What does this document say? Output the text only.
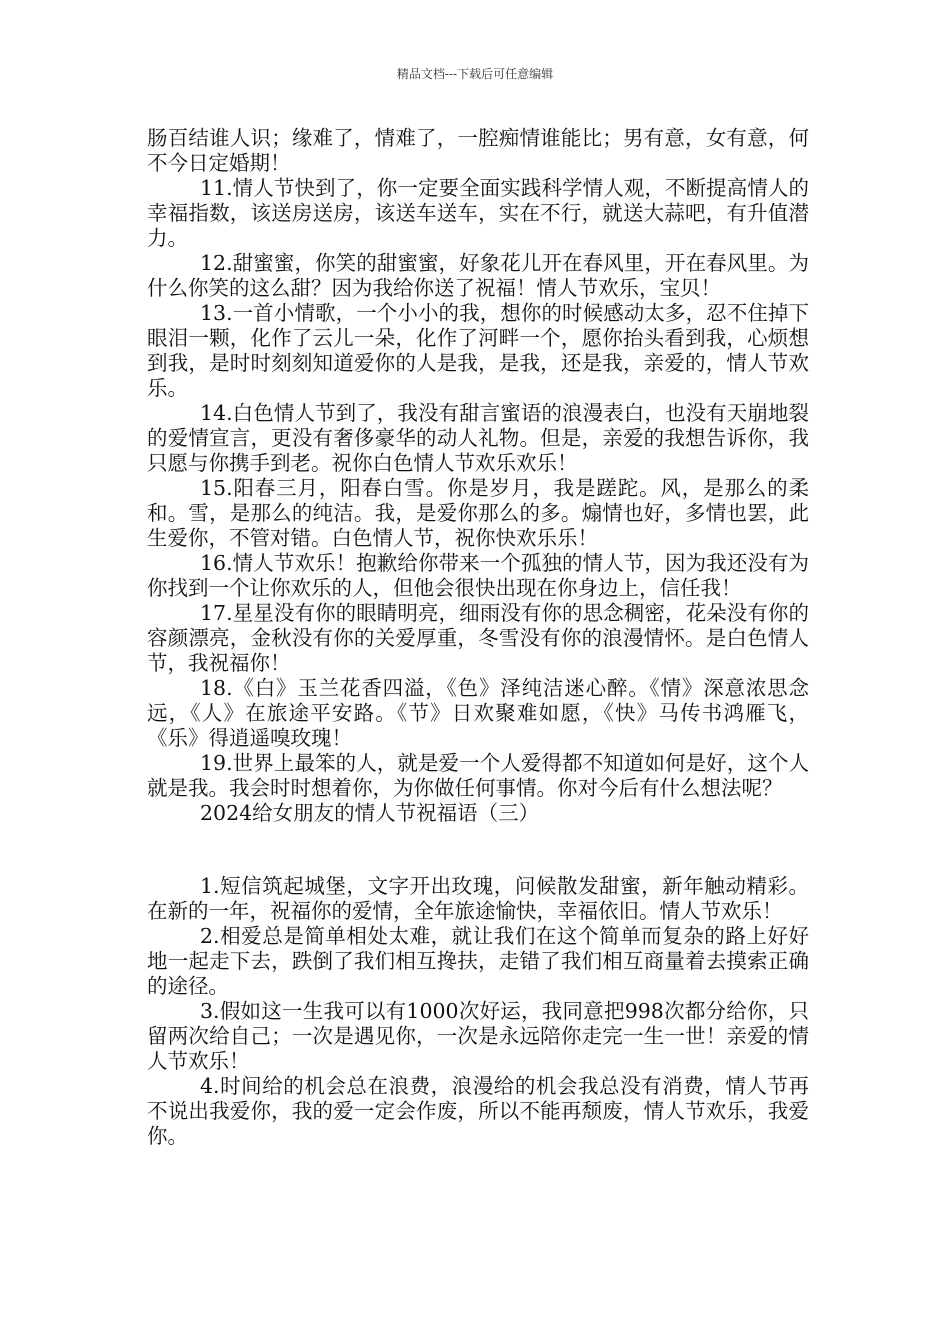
精品文档---下载后可任意编辑

肠百结谁人识；缘难了，情难了，一腔痴情谁能比；男有意，女有意，何不今日定婚期！

11.情人节快到了，你一定要全面实践科学情人观，不断提高情人的幸福指数，该送房送房，该送车送车，实在不行，就送大蒜吧，有升值潜力。

12.甜蜜蜜，你笑的甜蜜蜜，好象花儿开在春风里，开在春风里。为什么你笑的这么甜？因为我给你送了祝福！情人节欢乐，宝贝！

13.一首小情歌，一个小小的我，想你的时候感动太多，忍不住掉下眼泪一颗，化作了云儿一朵，化作了河畔一个，愿你抬头看到我，心烦想到我，是时时刻刻知道爱你的人是我，是我，还是我，亲爱的，情人节欢乐。

14.白色情人节到了，我没有甜言蜜语的浪漫表白，也没有天崩地裂的爱情宣言，更没有奢侈豪华的动人礼物。但是，亲爱的我想告诉你，我只愿与你携手到老。祝你白色情人节欢乐欢乐！

15.阳春三月，阳春白雪。你是岁月，我是蹉跎。风，是那么的柔和。雪，是那么的纯洁。我，是爱你那么的多。煽情也好，多情也罢，此生爱你，不管对错。白色情人节，祝你快欢乐乐！

16.情人节欢乐！抱歉给你带来一个孤独的情人节，因为我还没有为你找到一个让你欢乐的人，但他会很快出现在你身边上，信任我！

17.星星没有你的眼睛明亮，细雨没有你的思念稠密，花朵没有你的容颜漂亮，金秋没有你的关爱厚重，冬雪没有你的浪漫情怀。是白色情人节，我祝福你！

18.《白》玉兰花香四溢，《色》泽纯洁迷心醉。《情》深意浓思念远，《人》在旅途平安路。《节》日欢聚难如愿，《快》马传书鸿雁飞，《乐》得逍遥嗅玫瑰！

19.世界上最笨的人，就是爱一个人爱得都不知道如何是好，这个人就是我。我会时时想着你，为你做任何事情。你对今后有什么想法呢？

2024给女朋友的情人节祝福语（三）

1.短信筑起城堡，文字开出玫瑰，问候散发甜蜜，新年触动精彩。在新的一年，祝福你的爱情，全年旅途愉快，幸福依旧。情人节欢乐！

2.相爱总是简单相处太难，就让我们在这个简单而复杂的路上好好地一起走下去，跌倒了我们相互搀扶，走错了我们相互商量着去摸索正确的途径。

3.假如这一生我可以有1000次好运，我同意把998次都分给你，只留两次给自己；一次是遇见你，一次是永远陪你走完一生一世！亲爱的情人节欢乐！

4.时间给的机会总在浪费，浪漫给的机会我总没有消费，情人节再不说出我爱你，我的爱一定会作废，所以不能再颓废，情人节欢乐，我爱你。
